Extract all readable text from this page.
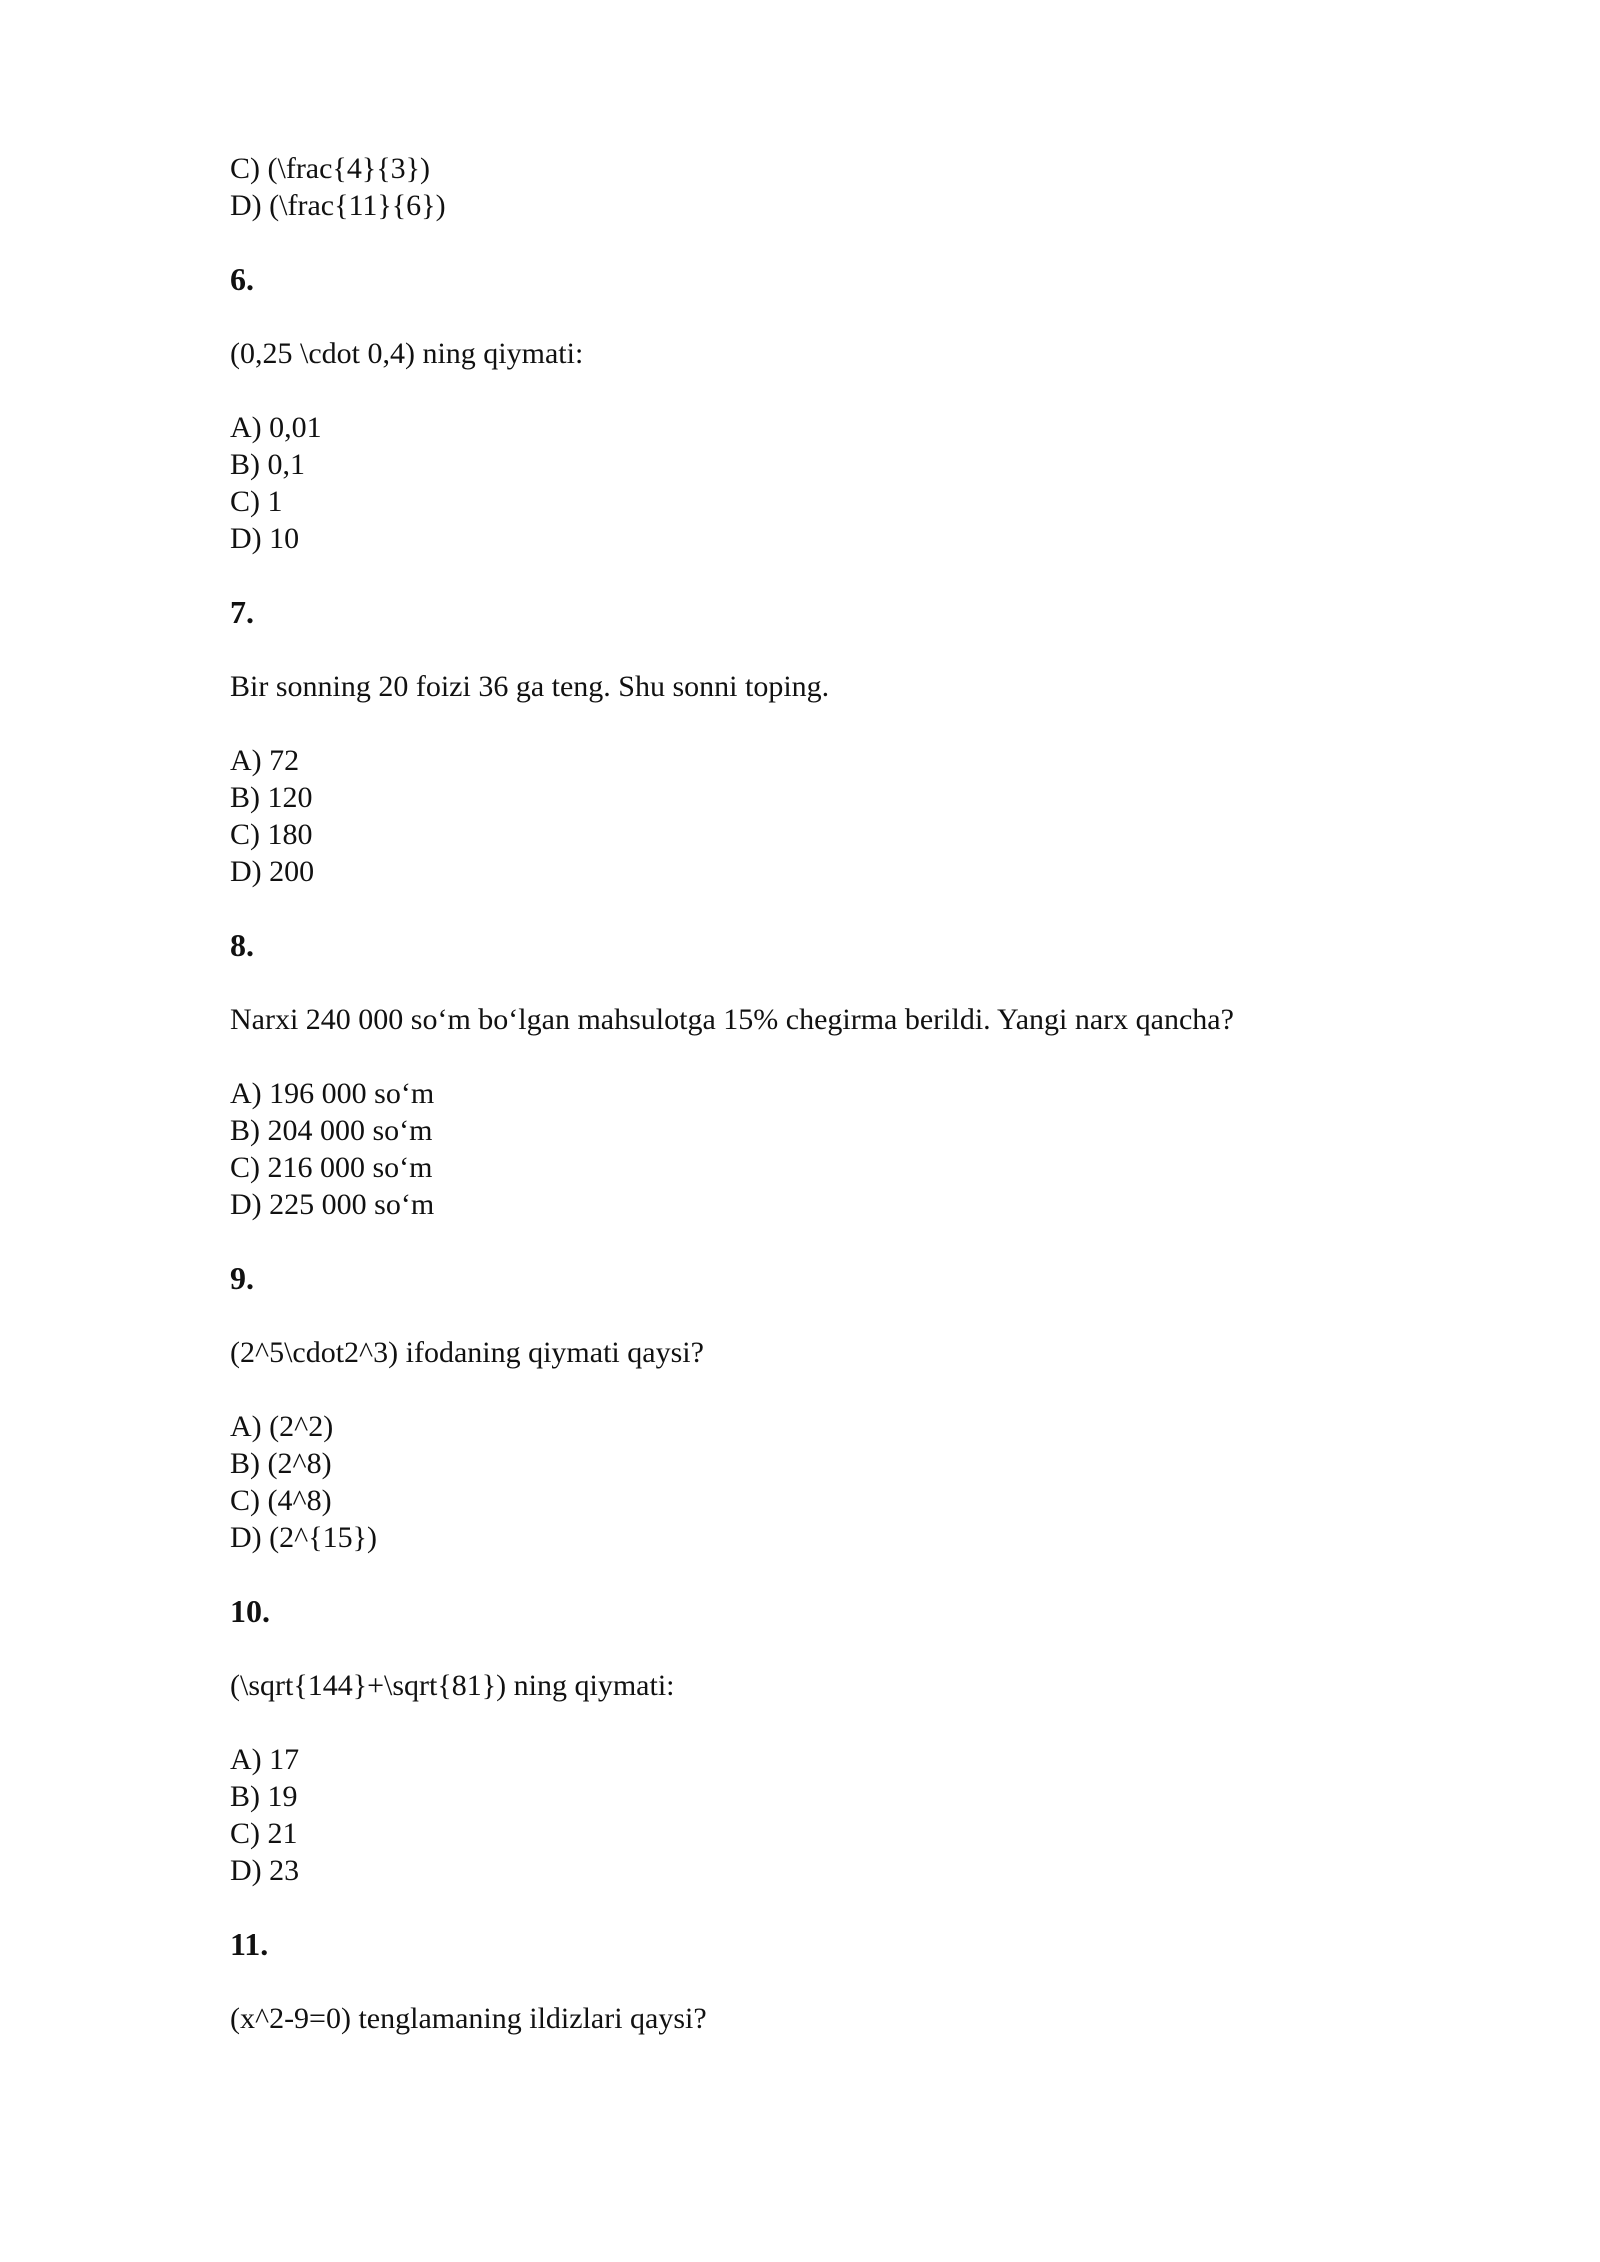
C) (\frac{4}{3})

D) (\frac{11}{6})

6.

(0,25 \cdot 0,4) ning qiymati:

A) 0,01

B) 0,1

C) 1

D) 10

7.

Bir sonning 20 foizi 36 ga teng. Shu sonni toping.

A) 72

B) 120

C) 180

D) 200

8.

Narxi 240 000 so‘m bo‘lgan mahsulotga 15% chegirma berildi. Yangi narx qancha?

A) 196 000 so‘m

B) 204 000 so‘m

C) 216 000 so‘m

D) 225 000 so‘m

9.

(2^5\cdot2^3) ifodaning qiymati qaysi?

A) (2^2)

B) (2^8)

C) (4^8)

D) (2^{15})

10.

(\sqrt{144}+\sqrt{81}) ning qiymati:

A) 17

B) 19

C) 21

D) 23

11.

(x^2-9=0) tenglamaning ildizlari qaysi?
